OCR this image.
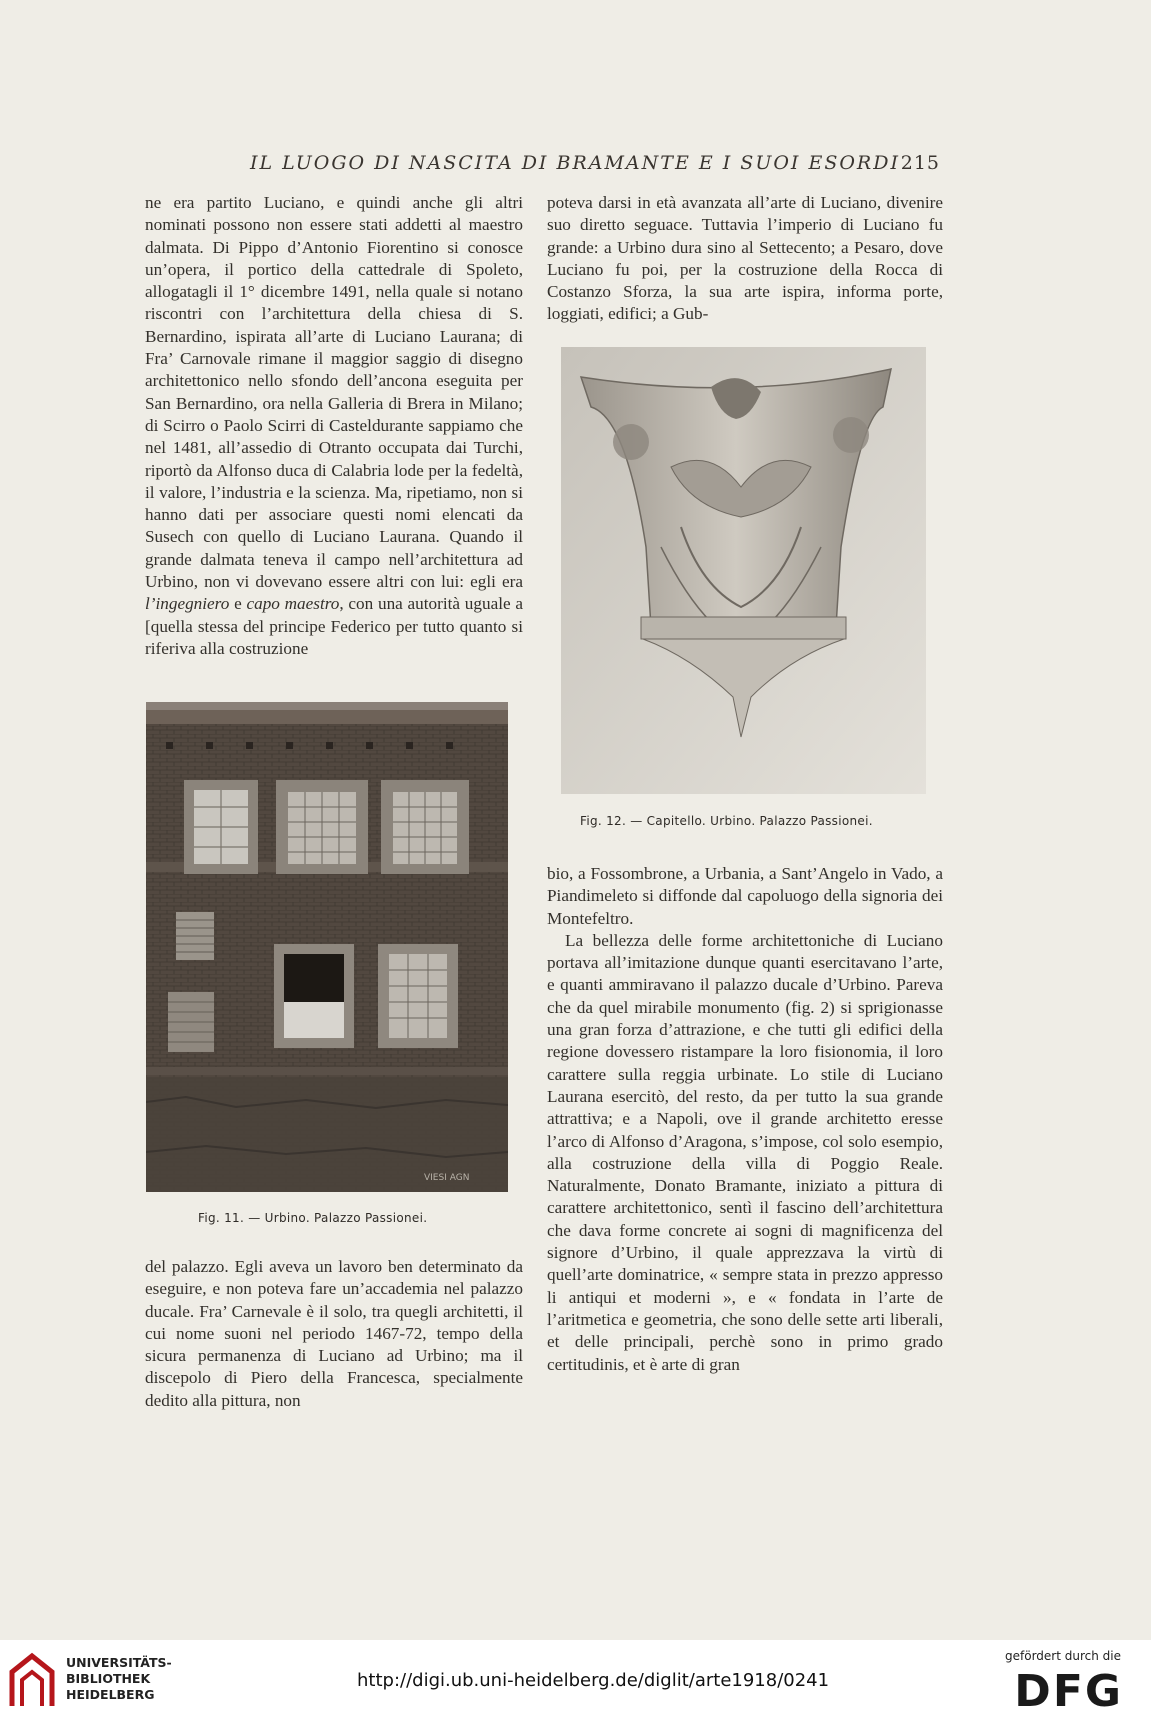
IL LUOGO DI NASCITA DI BRAMANTE E I SUOI ESORDI 215

ne era partito Luciano, e quindi anche gli altri nominati possono non essere stati addetti al maestro dalmata. Di Pippo d’Antonio Fiorentino si conosce un’opera, il portico della cattedrale di Spoleto, allogatagli il 1° dicembre 1491, nella quale si notano riscontri con l’architettura della chiesa di S. Bernardino, ispirata all’arte di Luciano Laurana; di Fra’ Carnovale rimane il maggior saggio di disegno architettonico nello sfondo dell’ancona eseguita per San Bernardino, ora nella Galleria di Brera in Milano; di Scirro o Paolo Scirri di Casteldurante sappiamo che nel 1481, all’assedio di Otranto occupata dai Turchi, riportò da Alfonso duca di Calabria lode per la fedeltà, il valore, l’industria e la scienza. Ma, ripetiamo, non si hanno dati per associare questi nomi elencati da Susech con quello di Luciano Laurana. Quando il grande dalmata teneva il campo nell’architettura ad Urbino, non vi dovevano essere altri con lui: egli era l’ingegniero e capo maestro, con una autorità uguale a [quella stessa del principe Federico per tutto quanto si riferiva alla costruzione

VIESI AGN
Fig. 11. — Urbino. Palazzo Passionei.

del palazzo. Egli aveva un lavoro ben determinato da eseguire, e non poteva fare un’accademia nel palazzo ducale. Fra’ Carnevale è il solo, tra quegli architetti, il cui nome suoni nel periodo 1467-72, tempo della sicura permanenza di Luciano ad Urbino; ma il discepolo di Piero della Francesca, specialmente dedito alla pittura, non

poteva darsi in età avanzata all’arte di Luciano, divenire suo diretto seguace. Tuttavia l’imperio di Luciano fu grande: a Urbino dura sino al Settecento; a Pesaro, dove Luciano fu poi, per la costruzione della Rocca di Costanzo Sforza, la sua arte ispira, informa porte, loggiati, edifici; a Gub-

Fig. 12. — Capitello. Urbino. Palazzo Passionei.

bio, a Fossombrone, a Urbania, a Sant’Angelo in Vado, a Piandimeleto si diffonde dal capoluogo della signoria dei Montefeltro.

La bellezza delle forme architettoniche di Luciano portava all’imitazione dunque quanti esercitavano l’arte, e quanti ammiravano il palazzo ducale d’Urbino. Pareva che da quel mirabile monumento (fig. 2) si sprigionasse una gran forza d’attrazione, e che tutti gli edifici della regione dovessero ristampare la loro fisionomia, il loro carattere sulla reggia urbinate. Lo stile di Luciano Laurana esercitò, del resto, da per tutto la sua grande attrattiva; e a Napoli, ove il grande architetto eresse l’arco di Alfonso d’Aragona, s’impose, col solo esempio, alla costruzione della villa di Poggio Reale. Naturalmente, Donato Bramante, iniziato a pittura di carattere architettonico, sentì il fascino dell’architettura che dava forme concrete ai sogni di magnificenza del signore d’Urbino, il quale apprezzava la virtù di quell’arte dominatrice, « sempre stata in prezzo appresso li antiqui et moderni », e « fondata in l’arte de l’aritmetica e geometria, che sono delle sette arti liberali, et delle principali, perchè sono in primo grado certitudinis, et è arte di gran

UNIVERSITÄTS-
BIBLIOTHEK
HEIDELBERG
http://digi.ub.uni-heidelberg.de/diglit/arte1918/0241
gefördert durch die
DFG
